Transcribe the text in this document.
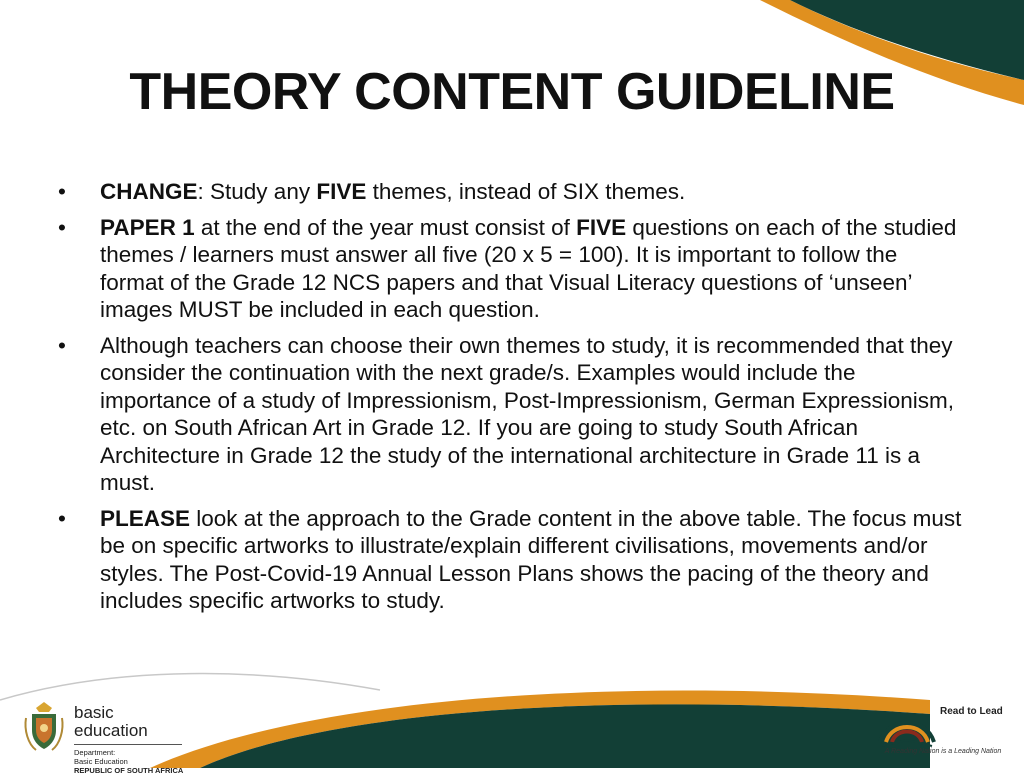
THEORY CONTENT GUIDELINE
• CHANGE: Study any FIVE themes, instead of SIX themes.
• PAPER 1 at the end of the year must consist of FIVE questions on each of the studied themes / learners must answer all five (20 x 5 = 100). It is important to follow the format of the Grade 12 NCS papers and that Visual Literacy questions of ‘unseen’ images MUST be included in each question.
• Although teachers can choose their own themes to study, it is recommended that they consider the continuation with the next grade/s. Examples would include the importance of a study of Impressionism, Post-Impressionism, German Expressionism, etc. on South African Art in Grade 12. If you are going to study South African Architecture in Grade 12 the study of the international architecture in Grade 11 is a must.
• PLEASE look at the approach to the Grade content in the above table. The focus must be on specific artworks to illustrate/explain different civilisations, movements and/or styles. The Post-Covid-19 Annual Lesson Plans shows the pacing of the theory and includes specific artworks to study.
basic education
Department:
Basic Education
REPUBLIC OF SOUTH AFRICA
Read to Lead
A Reading Nation is a Leading Nation
